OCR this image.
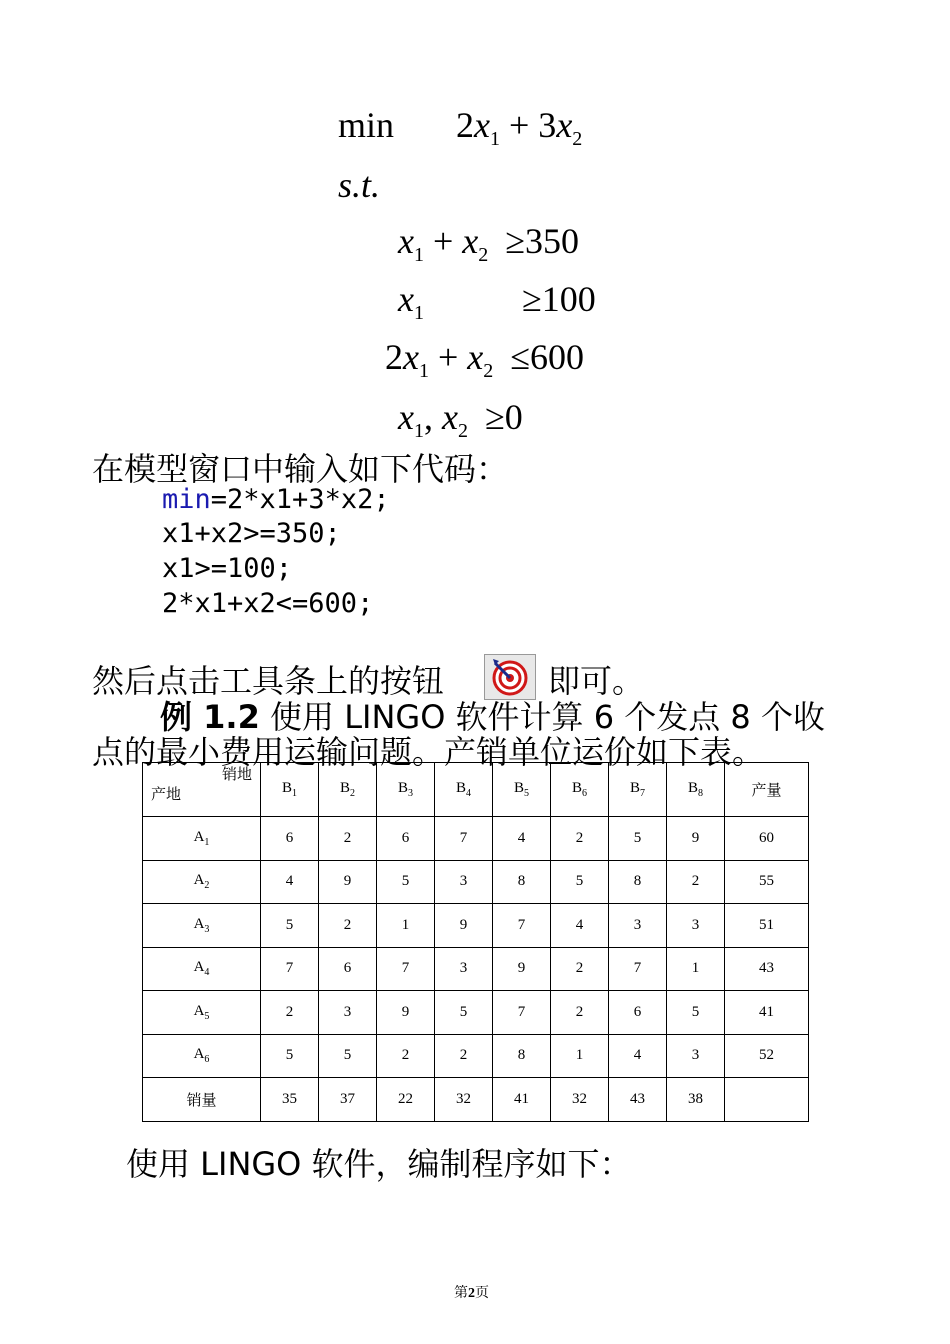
$\min 2x_1 + 3x_2$
s.t.
$x_1 + x_2 \ge 350$
$x_1$	≥100
$2x_1 + x_2 \le 600$
$x_1$, $x_2 \ge 0$
在模型窗口中输入如下代码：
min=2*x1+3*x2;
x1+x2>=350;
x1>=100;
2*x1+x2<=600;
然后点击工具条上的按钮	即可。
例 1.2 使用 LINGO 软件计算 6 个发点 8 个收
点的最小费用运输问题。产销单位运价如下表。
销地
产地	$B_1$	$B_2$	$B_3$	$B_4$	$B_5$	$B_6$	$B_7$	$B_8$	产量
$A_1$	6	2	6	7	4	2	5	9	60
$A_2$	4	9	5	3	8	5	8	2	55
$A_3$	5	2	1	9	7	4	3	3	51
$A_4$	7	6	7	3	9	2	7	1	43
$A_5$	2	3	9	5	7	2	6	5	41
$A_6$	5	5	2	2	8	1	4	3	52
销量	35	37	22	32	41	32	43	38	
使用 LINGO 软件，编制程序如下：
第2页
